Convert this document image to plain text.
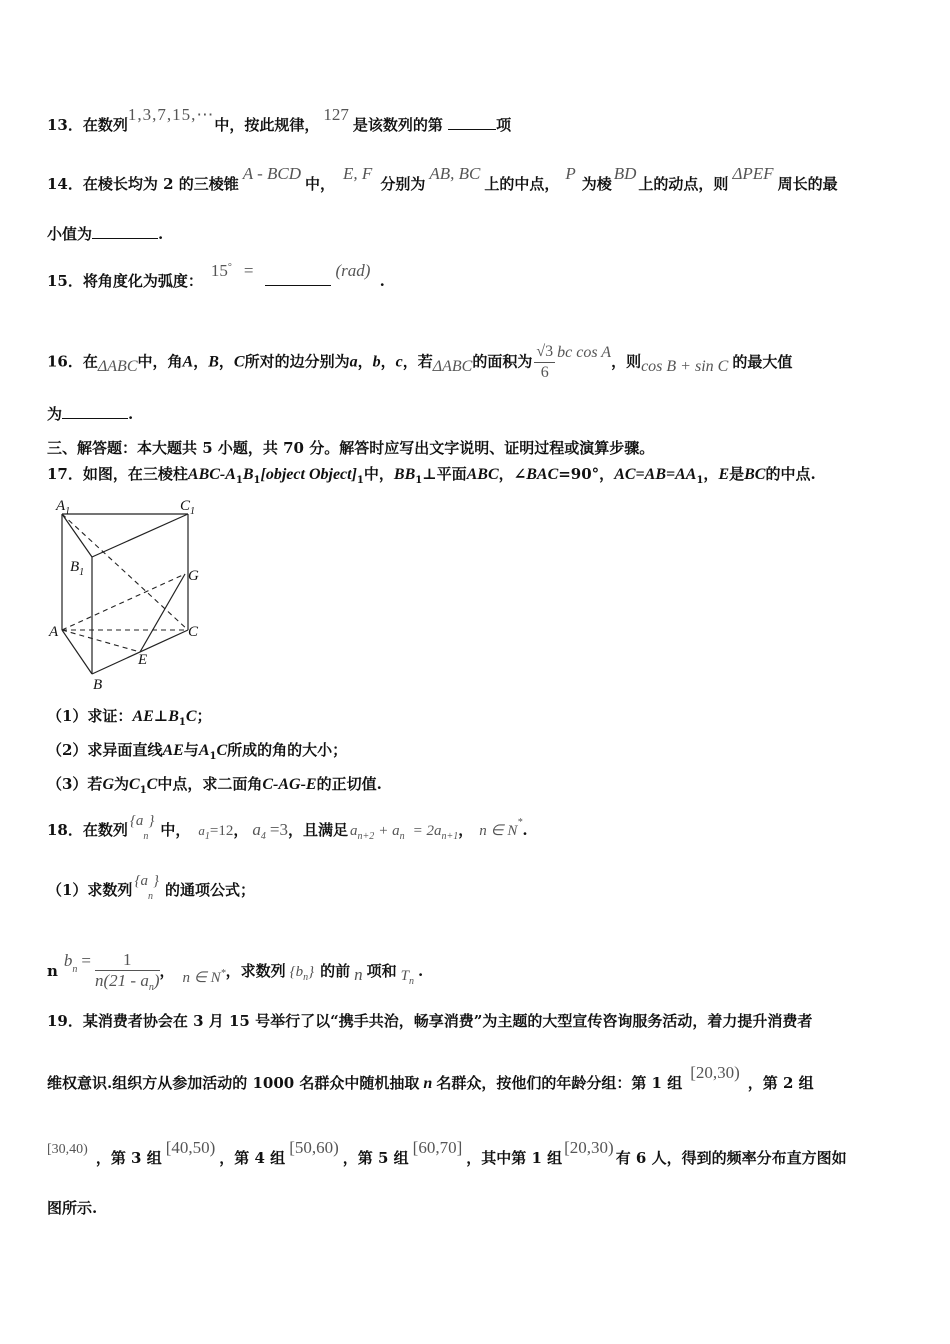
13．在数列1,3,7,15,⋯中，按此规律，127是该数列的第	项
14．在棱长均为 2 的三棱锥A - BCD中，E, F分别为AB, BC上的中点，P为棱BD上的动点，则ΔPEF周长的最
小值为	.
15．将角度化为弧度：15° =	(rad) .
16．在ΔABC中，角A，B，C所对的边分别为a，b，c，若ΔABC的面积为 $\frac{√3}{6}$ bc cos A，则cos B + sin C 的最大值
为	.
三、解答题：本大题共 5 小题，共 70 分。解答时应写出文字说明、证明过程或演算步骤。
17．如图，在三棱柱ABC-$A_1B_1[object$ $Object]_1$中，$BB_1\perp$平面ABC，∠BAC=90°，$AC=AB=AA_1$，E是BC的中点.
$A_1$	$C_1$
$B_1$	G
A	C
E
B
（1）求证：$AE\perp B_1C$；
（2）求异面直线AE与$A_1C$所成的角的大小；
（3）若G为$C_1C$中点，求二面角C-AG-E的正切值.
18．在数列 $\{a_n\}$ 中， $a_1=12$， $a_4 =3$，且满足 $a_{n+2} + a_n = 2a_{n+1}$， n ∈ N*.
（1）求数列 $\{a_n\}$ 的通项公式；
$nb^n = \frac{1}{n(21 - a_n)}$ ， n ∈ N*，求数列 $\{b_n\}$ 的前 n 项和 $T_n$.
19．某消费者协会在 3 月 15 号举行了以“携手共治，畅享消费”为主题的大型宣传咨询服务活动，着力提升消费者
维权意识.组织方从参加活动的 1000 名群众中随机抽取 n 名群众，按他们的年龄分组：第 1 组[20,30)，第 2 组
[30,40) ，第 3 组[40,50)，第 4 组[50,60)，第 5 组[60,70]，其中第 1 组[20,30)有 6 人，得到的频率分布直方图如
图所示.
